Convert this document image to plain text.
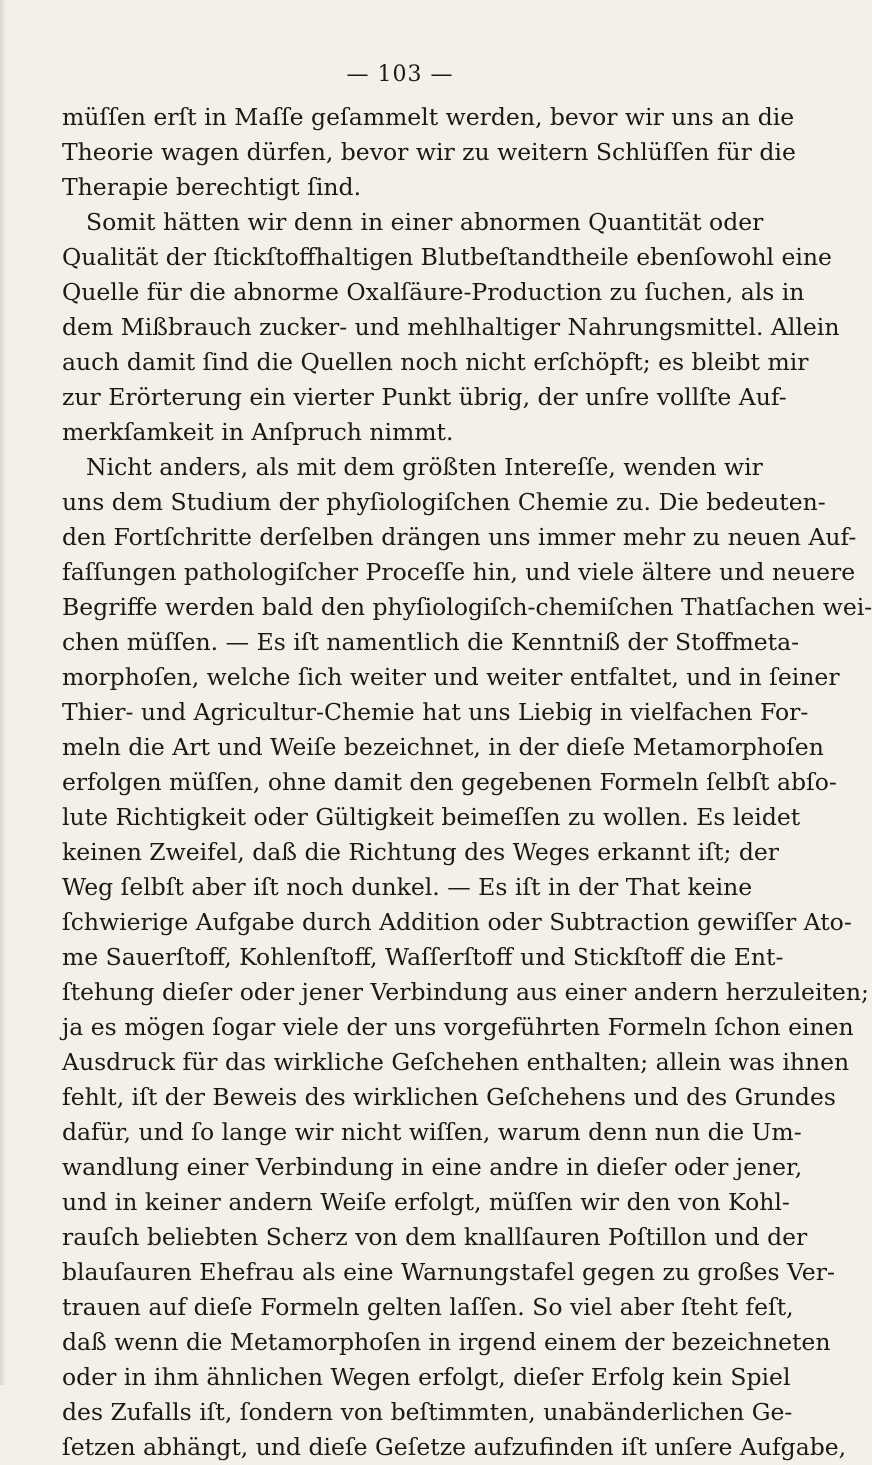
— 103 —
müſſen erſt in Maſſe geſammelt werden, bevor wir uns an die
Theorie wagen dürfen, bevor wir zu weitern Schlüſſen für die
Therapie berechtigt ſind.
Somit hätten wir denn in einer abnormen Quantität oder
Qualität der ſtickſtoffhaltigen Blutbeſtandtheile ebenſowohl eine
Quelle für die abnorme Oxalſäure-Production zu ſuchen, als in
dem Mißbrauch zucker- und mehlhaltiger Nahrungsmittel. Allein
auch damit ſind die Quellen noch nicht erſchöpft; es bleibt mir
zur Erörterung ein vierter Punkt übrig, der unſre vollſte Auf-
merkſamkeit in Anſpruch nimmt.
Nicht anders, als mit dem größten Intereſſe, wenden wir
uns dem Studium der phyſiologiſchen Chemie zu. Die bedeuten-
den Fortſchritte derſelben drängen uns immer mehr zu neuen Auf-
faſſungen pathologiſcher Proceſſe hin, und viele ältere und neuere
Begriffe werden bald den phyſiologiſch-chemiſchen Thatſachen wei-
chen müſſen. — Es iſt namentlich die Kenntniß der Stoffmeta-
morphoſen, welche ſich weiter und weiter entfaltet, und in ſeiner
Thier- und Agricultur-Chemie hat uns Liebig in vielfachen For-
meln die Art und Weiſe bezeichnet, in der dieſe Metamorphoſen
erfolgen müſſen, ohne damit den gegebenen Formeln ſelbſt abſo-
lute Richtigkeit oder Gültigkeit beimeſſen zu wollen. Es leidet
keinen Zweifel, daß die Richtung des Weges erkannt iſt; der
Weg ſelbſt aber iſt noch dunkel. — Es iſt in der That keine
ſchwierige Aufgabe durch Addition oder Subtraction gewiſſer Ato-
me Sauerſtoff, Kohlenſtoff, Waſſerſtoff und Stickſtoff die Ent-
ſtehung dieſer oder jener Verbindung aus einer andern herzuleiten;
ja es mögen ſogar viele der uns vorgeführten Formeln ſchon einen
Ausdruck für das wirkliche Geſchehen enthalten; allein was ihnen
fehlt, iſt der Beweis des wirklichen Geſchehens und des Grundes
dafür, und ſo lange wir nicht wiſſen, warum denn nun die Um-
wandlung einer Verbindung in eine andre in dieſer oder jener,
und in keiner andern Weiſe erfolgt, müſſen wir den von Kohl-
rauſch beliebten Scherz von dem knallſauren Poſtillon und der
blauſauren Ehefrau als eine Warnungstafel gegen zu großes Ver-
trauen auf dieſe Formeln gelten laſſen. So viel aber ſteht feſt,
daß wenn die Metamorphoſen in irgend einem der bezeichneten
oder in ihm ähnlichen Wegen erfolgt, dieſer Erfolg kein Spiel
des Zufalls iſt, ſondern von beſtimmten, unabänderlichen Ge-
ſetzen abhängt, und dieſe Geſetze aufzufinden iſt unſere Aufgabe,
